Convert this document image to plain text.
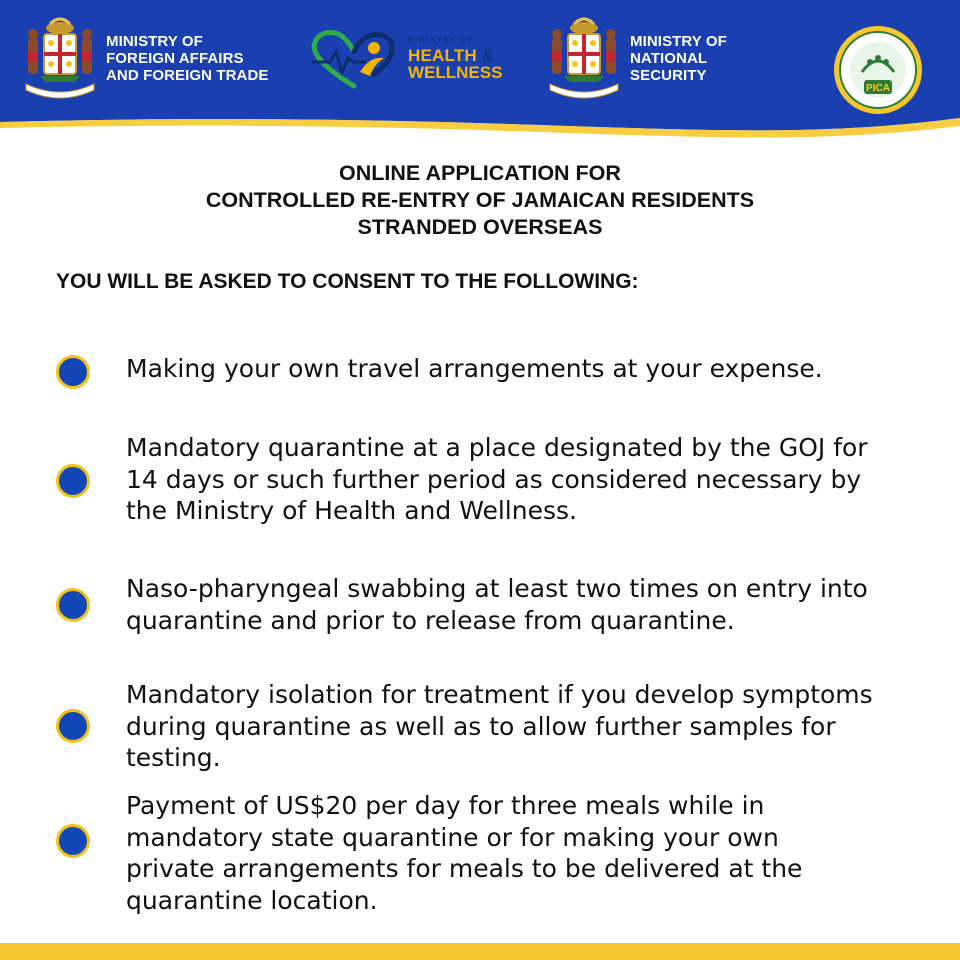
MINISTRY OF
FOREIGN AFFAIRS
AND FOREIGN TRADE
MINISTRY OF
HEALTH &
WELLNESS
MINISTRY OF
NATIONAL
SECURITY
PICA
ONLINE APPLICATION FOR
CONTROLLED RE-ENTRY OF JAMAICAN RESIDENTS
STRANDED OVERSEAS
YOU WILL BE ASKED TO CONSENT TO THE FOLLOWING:
Making your own travel arrangements at your expense.
Mandatory quarantine at a place designated by the GOJ for
14 days or such further period as considered necessary by
the Ministry of Health and Wellness.
Naso-pharyngeal swabbing at least two times on entry into
quarantine and prior to release from quarantine.
Mandatory isolation for treatment if you develop symptoms
during quarantine as well as to allow further samples for
testing.
Payment of US$20 per day for three meals while in
mandatory state quarantine or for making your own
private arrangements for meals to be delivered at the
quarantine location.
